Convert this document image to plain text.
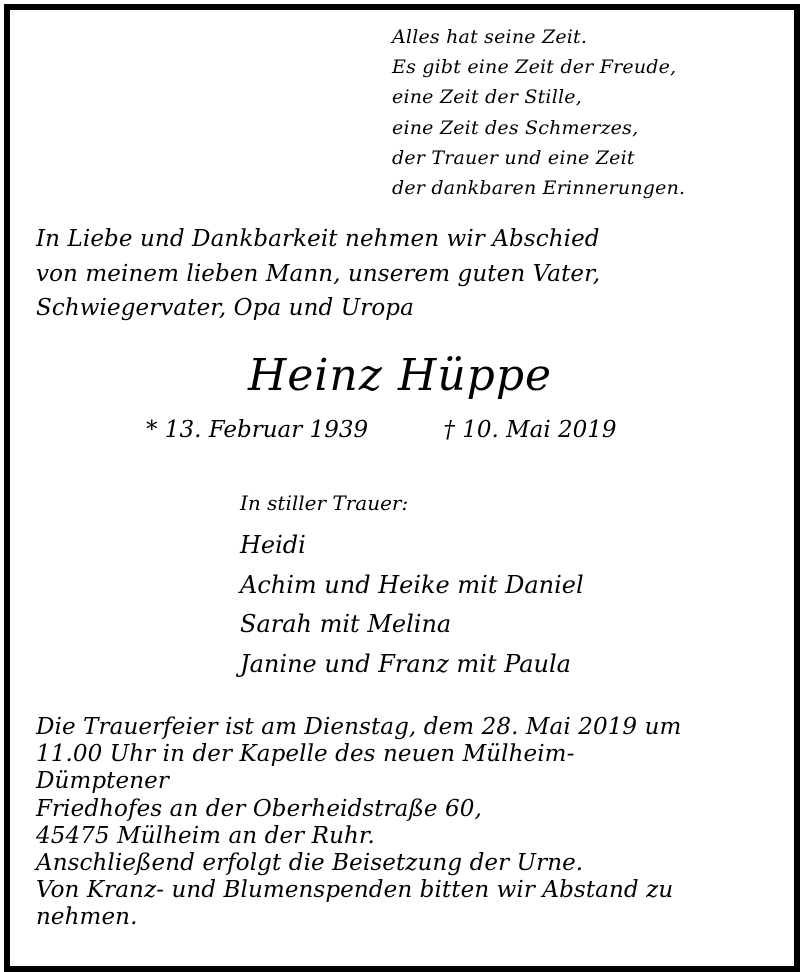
Alles hat seine Zeit.
Es gibt eine Zeit der Freude,
eine Zeit der Stille,
eine Zeit des Schmerzes,
der Trauer und eine Zeit
der dankbaren Erinnerungen.
In Liebe und Dankbarkeit nehmen wir Abschied
von meinem lieben Mann, unserem guten Vater,
Schwiegervater, Opa und Uropa
Heinz Hüppe
* 13. Februar 1939	† 10. Mai 2019
In stiller Trauer:
Heidi
Achim und Heike mit Daniel
Sarah mit Melina
Janine und Franz mit Paula
Die Trauerfeier ist am Dienstag, dem 28. Mai 2019 um
11.00 Uhr in der Kapelle des neuen Mülheim-
Dümptener
Friedhofes an der Oberheidstraße 60,
45475 Mülheim an der Ruhr.
Anschließend erfolgt die Beisetzung der Urne.
Von Kranz- und Blumenspenden bitten wir Abstand zu
nehmen.
